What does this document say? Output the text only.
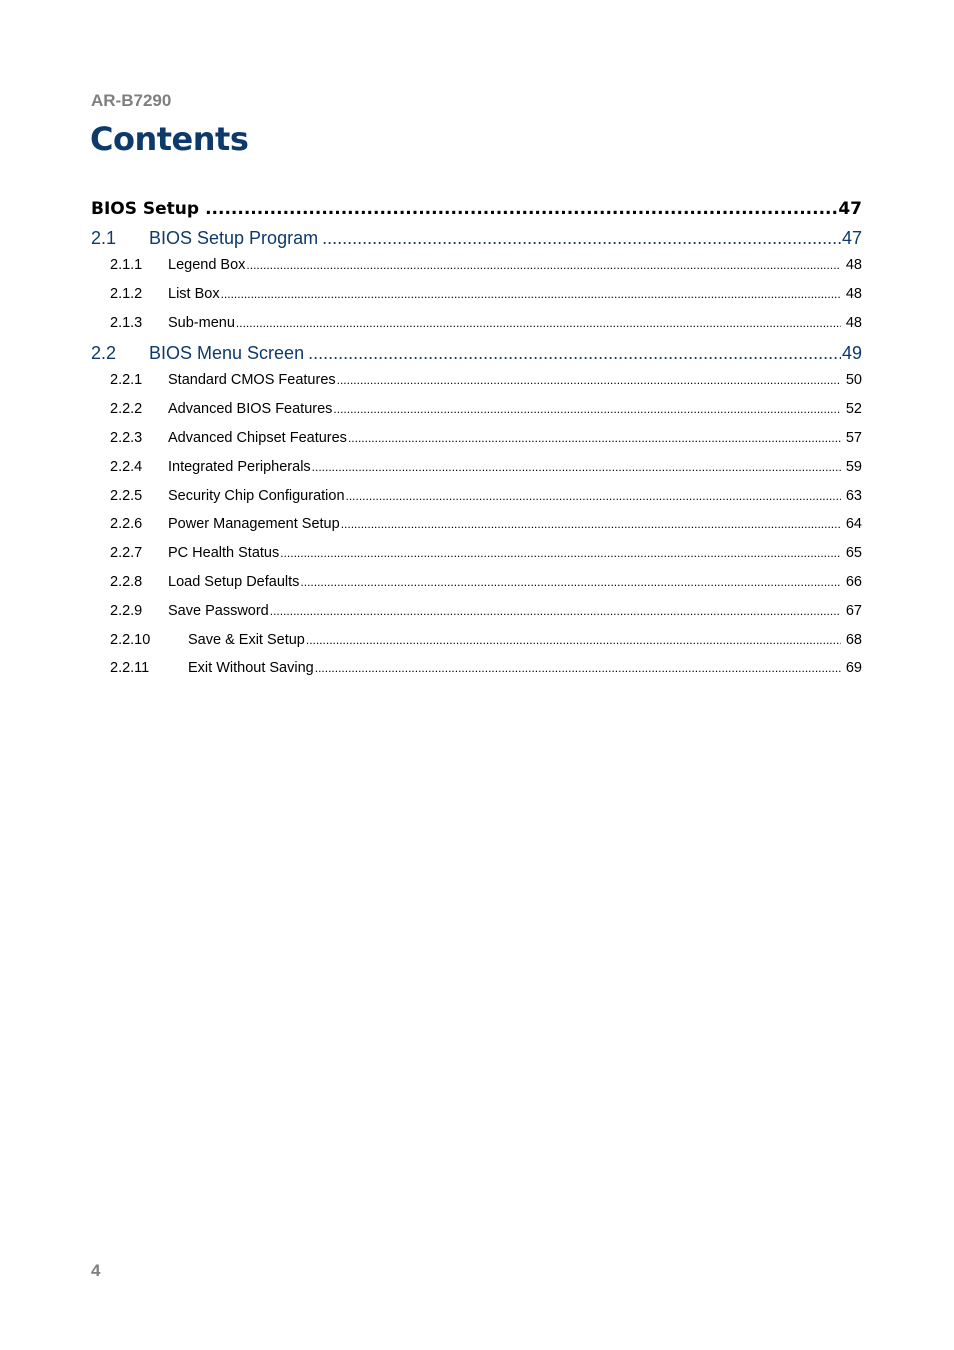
AR-B7290
Contents
BIOS Setup .....	47
2.1	BIOS Setup Program .....	47
2.1.1	Legend Box .....	48
2.1.2	List Box .....	48
2.1.3	Sub-menu .....	48
2.2	BIOS Menu Screen .....	49
2.2.1	Standard CMOS Features .....	50
2.2.2	Advanced BIOS Features .....	52
2.2.3	Advanced Chipset Features .....	57
2.2.4	Integrated Peripherals .....	59
2.2.5	Security Chip Configuration .....	63
2.2.6	Power Management Setup .....	64
2.2.7	PC Health Status .....	65
2.2.8	Load Setup Defaults .....	66
2.2.9	Save Password .....	67
2.2.10	Save & Exit Setup .....	68
2.2.11	Exit Without Saving .....	69
4
